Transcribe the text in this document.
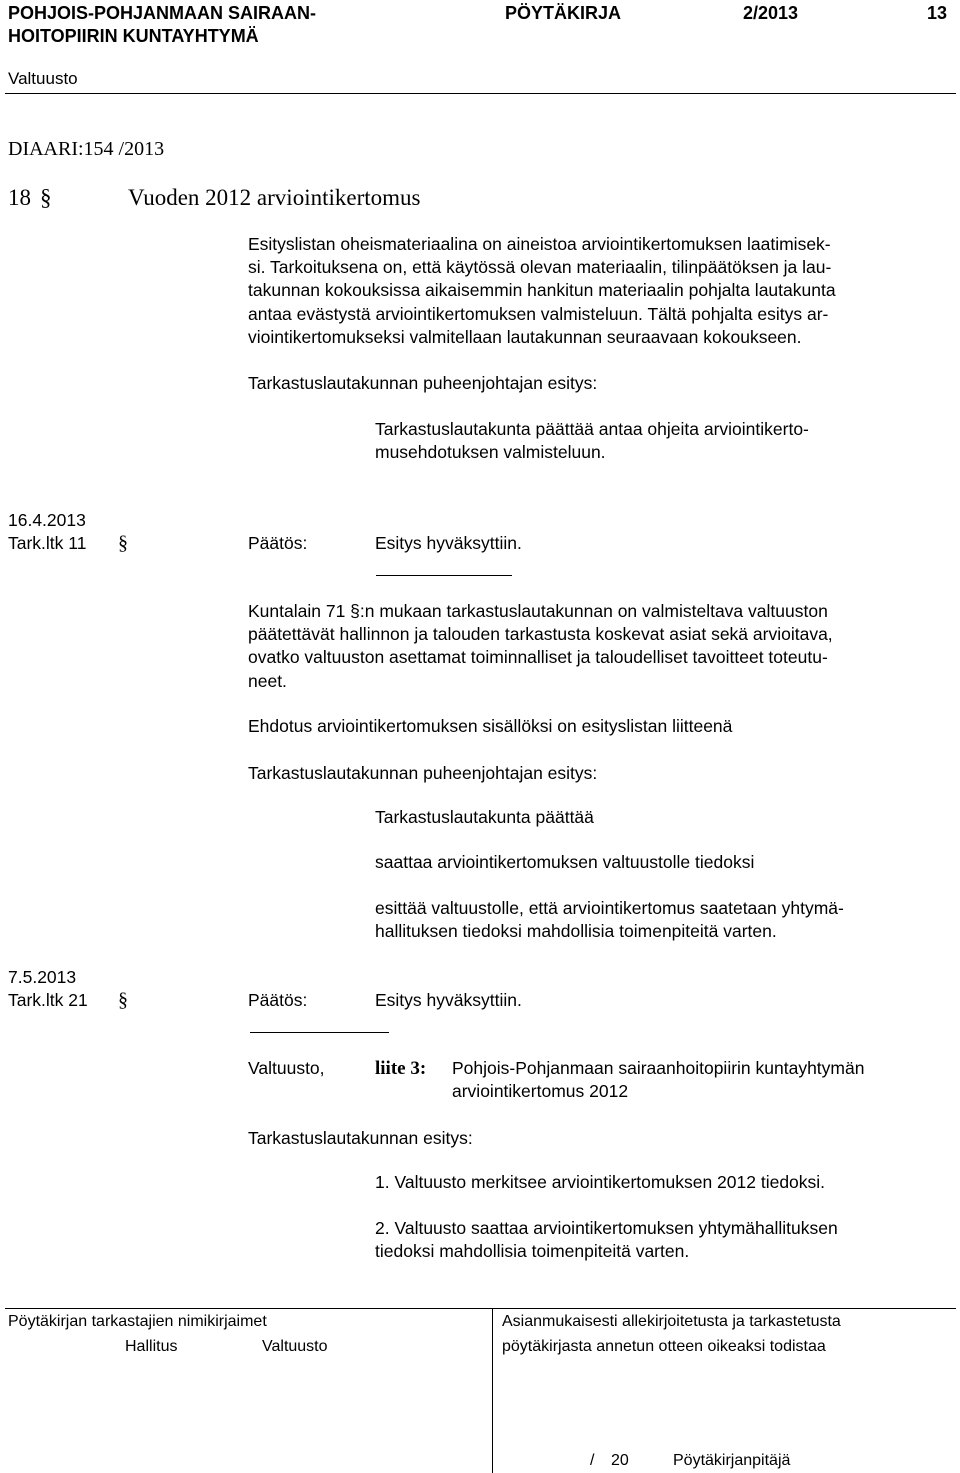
POHJOIS-POHJANMAAN SAIRAAN-
HOITOPIIRIN KUNTAYHTYMÄ
PÖYTÄKIRJA	2/2013	13
Valtuusto
DIAARI:154 /2013
18 §	Vuoden 2012 arviointikertomus
Esityslistan oheismateriaalina on aineistoa arviointikertomuksen laatimisek-
si. Tarkoituksena on, että käytössä olevan materiaalin, tilinpäätöksen ja lau-
takunnan kokouksissa aikaisemmin hankitun materiaalin pohjalta lautakunta
antaa evästystä arviointikertomuksen valmisteluun. Tältä pohjalta esitys ar-
viointikertomukseksi valmitellaan lautakunnan seuraavaan kokoukseen.
Tarkastuslautakunnan puheenjohtajan esitys:
Tarkastuslautakunta päättää antaa ohjeita arviointikerto-
musehdotuksen valmisteluun.
16.4.2013
Tark.ltk 11 §	Päätös:	Esitys hyväksyttiin.
Kuntalain 71 §:n mukaan tarkastuslautakunnan on valmisteltava valtuuston
päätettävät hallinnon ja talouden tarkastusta koskevat asiat sekä arvioitava,
ovatko valtuuston asettamat toiminnalliset ja taloudelliset tavoitteet toteutu-
neet.
Ehdotus arviointikertomuksen sisällöksi on esityslistan liitteenä
Tarkastuslautakunnan puheenjohtajan esitys:
Tarkastuslautakunta päättää
saattaa arviointikertomuksen valtuustolle tiedoksi
esittää valtuustolle, että arviointikertomus saatetaan yhtymä-
hallituksen tiedoksi mahdollisia toimenpiteitä varten.
7.5.2013
Tark.ltk 21 §	Päätös:	Esitys hyväksyttiin.
Valtuusto,	liite 3: Pohjois-Pohjanmaan sairaanhoitopiirin kuntayhtymän
arviointikertomus 2012
Tarkastuslautakunnan esitys:
1. Valtuusto merkitsee arviointikertomuksen 2012 tiedoksi.
2. Valtuusto saattaa arviointikertomuksen yhtymähallituksen
tiedoksi mahdollisia toimenpiteitä varten.
Pöytäkirjan tarkastajien nimikirjaimet
Hallitus	Valtuusto
Asianmukaisesti allekirjoitetusta ja tarkastetusta
pöytäkirjasta annetun otteen oikeaksi todistaa
/ 20	Pöytäkirjanpitäjä
